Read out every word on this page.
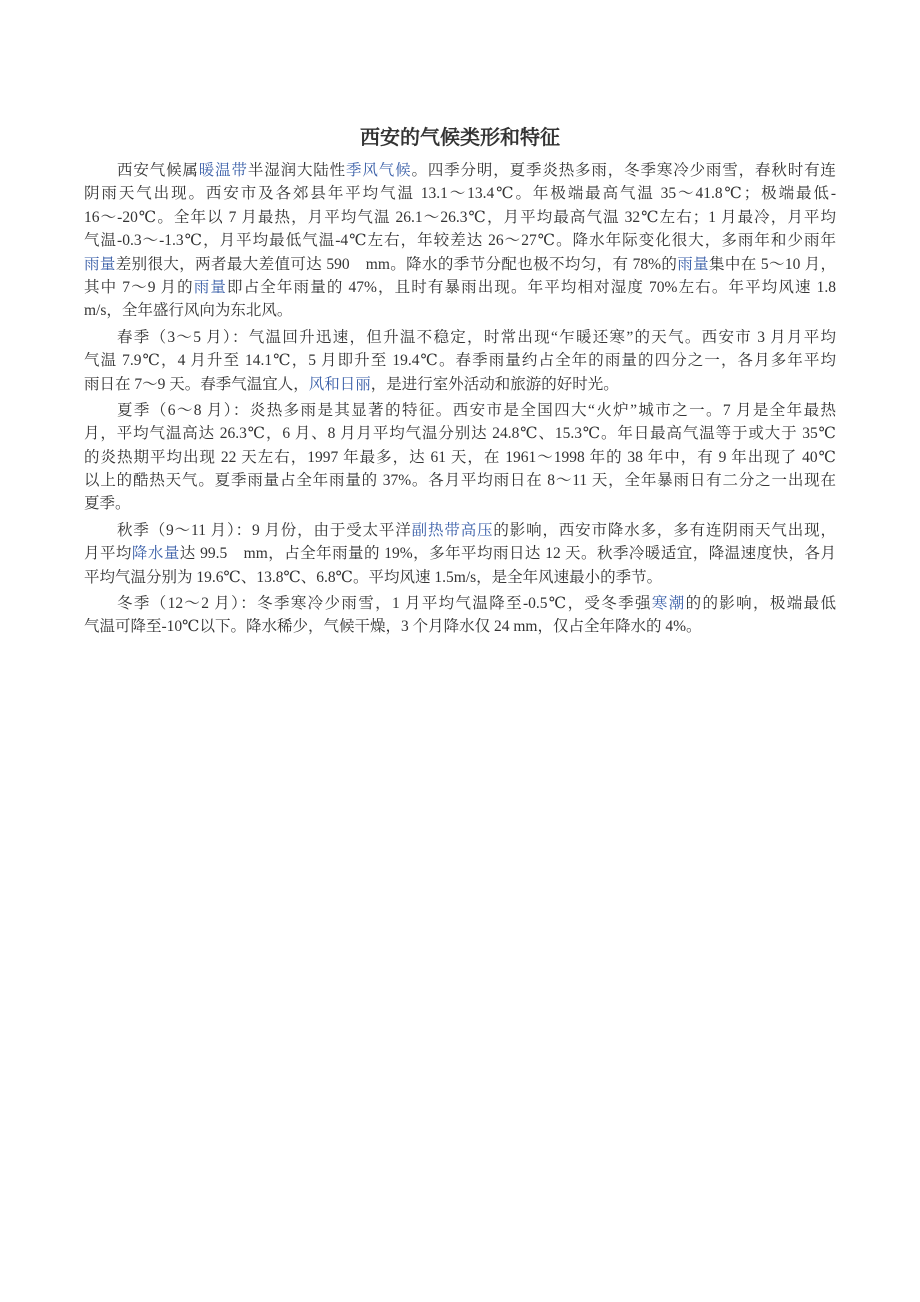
西安的气候类形和特征
西安气候属暖温带半湿润大陆性季风气候。四季分明，夏季炎热多雨，冬季寒冷少雨雪，春秋时有连
阴雨天气出现。西安市及各郊县年平均气温 13.1～13.4℃。年极端最高气温 35～41.8℃；极端最低-
16～-20℃。全年以 7 月最热，月平均气温 26.1～26.3℃，月平均最高气温 32℃左右；1 月最冷，月平均
气温-0.3～-1.3℃，月平均最低气温-4℃左右，年较差达 26～27℃。降水年际变化很大，多雨年和少雨年
雨量差别很大，两者最大差值可达 590　mm。降水的季节分配也极不均匀，有 78%的雨量集中在 5～10 月，
其中 7～9 月的雨量即占全年雨量的 47%，且时有暴雨出现。年平均相对湿度 70%左右。年平均风速 1.8
m/s，全年盛行风向为东北风。
春季（3～5 月）：气温回升迅速，但升温不稳定，时常出现“乍暖还寒”的天气。西安市 3 月月平均
气温 7.9℃，4 月升至 14.1℃，5 月即升至 19.4℃。春季雨量约占全年的雨量的四分之一，各月多年平均
雨日在 7～9 天。春季气温宜人，风和日丽，是进行室外活动和旅游的好时光。
夏季（6～8 月）：炎热多雨是其显著的特征。西安市是全国四大“火炉”城市之一。7 月是全年最热
月，平均气温高达 26.3℃，6 月、8 月月平均气温分别达 24.8℃、15.3℃。年日最高气温等于或大于 35℃
的炎热期平均出现 22 天左右，1997 年最多，达 61 天，在 1961～1998 年的 38 年中，有 9 年出现了 40℃
以上的酷热天气。夏季雨量占全年雨量的 37%。各月平均雨日在 8～11 天，全年暴雨日有二分之一出现在
夏季。
秋季（9～11 月）：9 月份，由于受太平洋副热带高压的影响，西安市降水多，多有连阴雨天气出现，
月平均降水量达 99.5　mm，占全年雨量的 19%，多年平均雨日达 12 天。秋季冷暖适宜，降温速度快，各月
平均气温分别为 19.6℃、13.8℃、6.8℃。平均风速 1.5m/s，是全年风速最小的季节。
冬季（12～2 月）：冬季寒冷少雨雪，1 月平均气温降至-0.5℃，受冬季强寒潮的的影响，极端最低
气温可降至-10℃以下。降水稀少，气候干燥，3 个月降水仅 24 mm，仅占全年降水的 4%。
